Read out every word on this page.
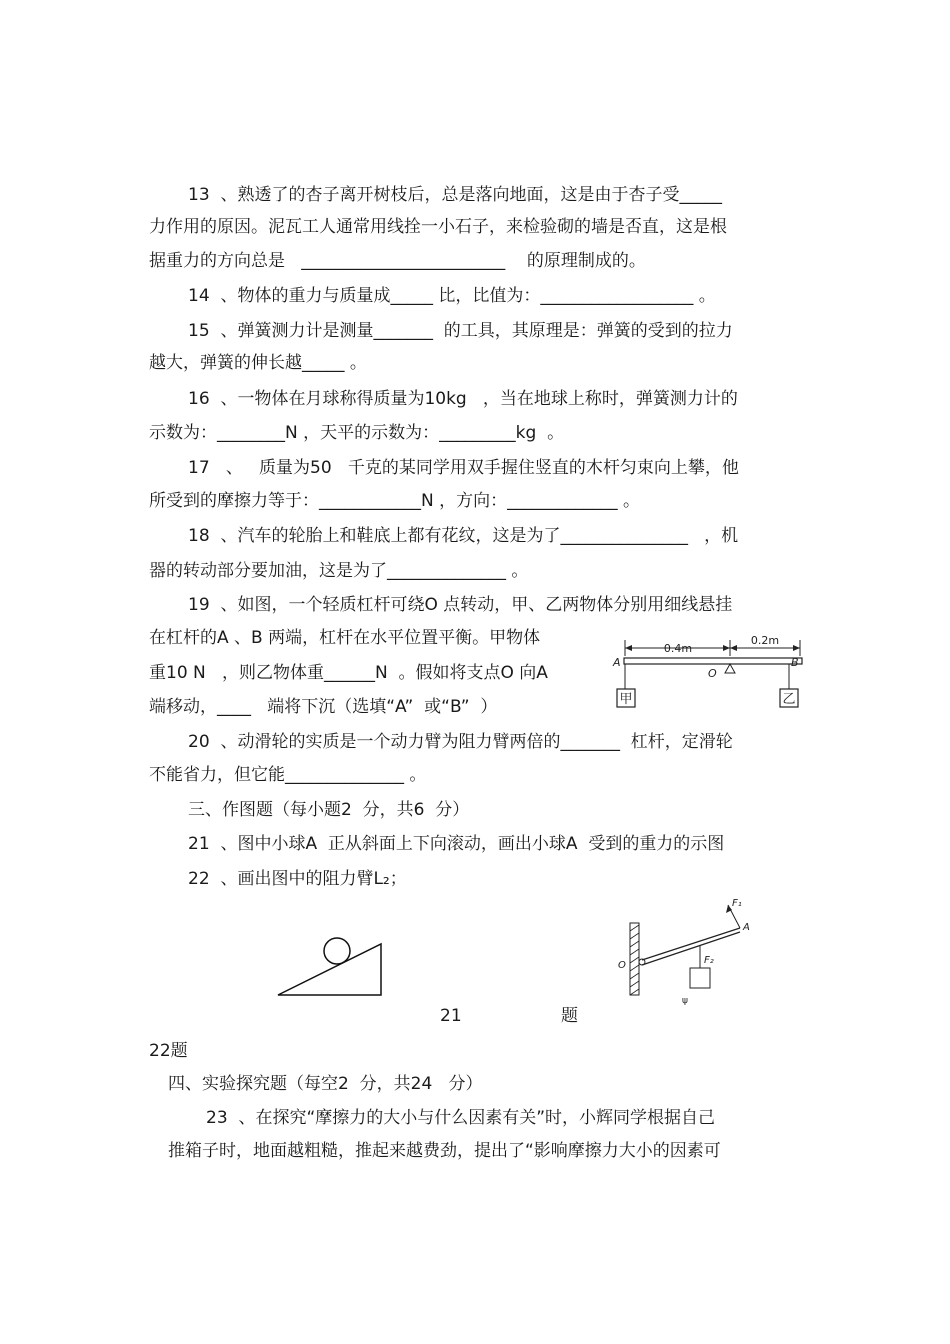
13  、熟透了的杏子离开树枝后，总是落向地面，这是由于杏子受_____
力作用的原因。泥瓦工人通常用线拴一小石子，来检验砌的墙是否直，这是根
据重力的方向总是   ________________________    的原理制成的。
14  、物体的重力与质量成_____ 比，比值为：__________________ 。
15  、弹簧测力计是测量_______  的工具，其原理是：弹簧的受到的拉力
越大，弹簧的伸长越_____ 。
16  、一物体在月球称得质量为10kg   ，当在地球上称时，弹簧测力计的
示数为：________N ，天平的示数为：_________kg  。
17   、   质量为50   千克的某同学用双手握住竖直的木杆匀束向上攀，他
所受到的摩擦力等于：____________N ，方向：_____________ 。
18  、汽车的轮胎上和鞋底上都有花纹，这是为了_______________   ，机
器的转动部分要加油，这是为了______________ 。
19  、如图，一个轻质杠杆可绕O 点转动，甲、乙两物体分别用细线悬挂
在杠杆的A 、B 两端，杠杆在水平位置平衡。甲物体
重10 N   ，则乙物体重______N  。假如将支点O 向A
端移动，____   端将下沉（选填“A”  或“B”  ）
0.4m
0.2m
A
O
B
甲	乙
20  、动滑轮的实质是一个动力臂为阻力臂两倍的_______  杠杆，定滑轮
不能省力，但它能______________ 。
三、作图题（每小题2  分，共6  分）
21  、图中小球A  正从斜面上下向滚动，画出小球A  受到的重力的示图
22  、画出图中的阻力臂L₂；
O
F₁
A
F₂
ψ
21	题
22题
四、实验探究题（每空2  分，共24   分）
23  、在探究“摩擦力的大小与什么因素有关”时，小辉同学根据自己
推箱子时，地面越粗糙，推起来越费劲，提出了“影响摩擦力大小的因素可
